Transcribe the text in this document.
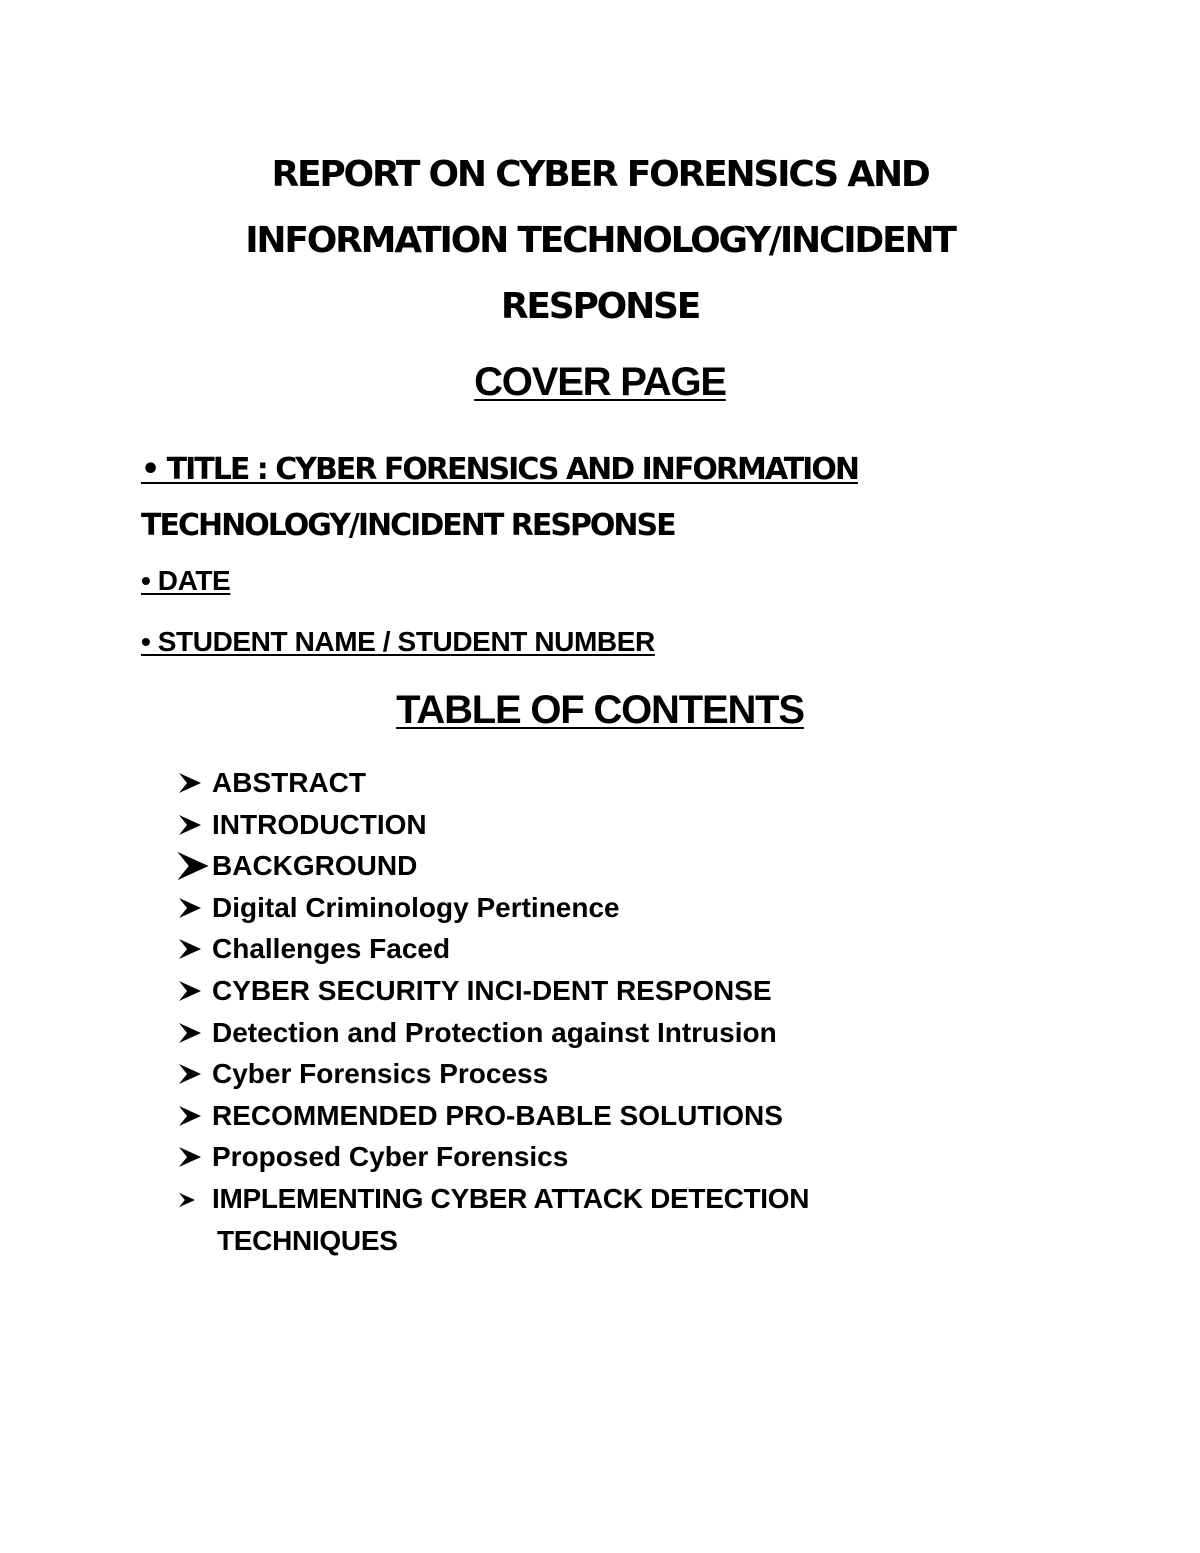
REPORT ON CYBER FORENSICS AND
INFORMATION TECHNOLOGY/INCIDENT
RESPONSE
COVER PAGE
• TITLE : CYBER FORENSICS AND INFORMATION
TECHNOLOGY/INCIDENT RESPONSE
• DATE
• STUDENT NAME / STUDENT NUMBER
TABLE OF CONTENTS
ABSTRACT
INTRODUCTION
BACKGROUND
Digital Criminology Pertinence
Challenges Faced
CYBER SECURITY INCI-DENT RESPONSE
Detection and Protection against Intrusion
Cyber Forensics Process
RECOMMENDED PRO-BABLE SOLUTIONS
Proposed Cyber Forensics
IMPLEMENTING CYBER ATTACK DETECTION
TECHNIQUES
